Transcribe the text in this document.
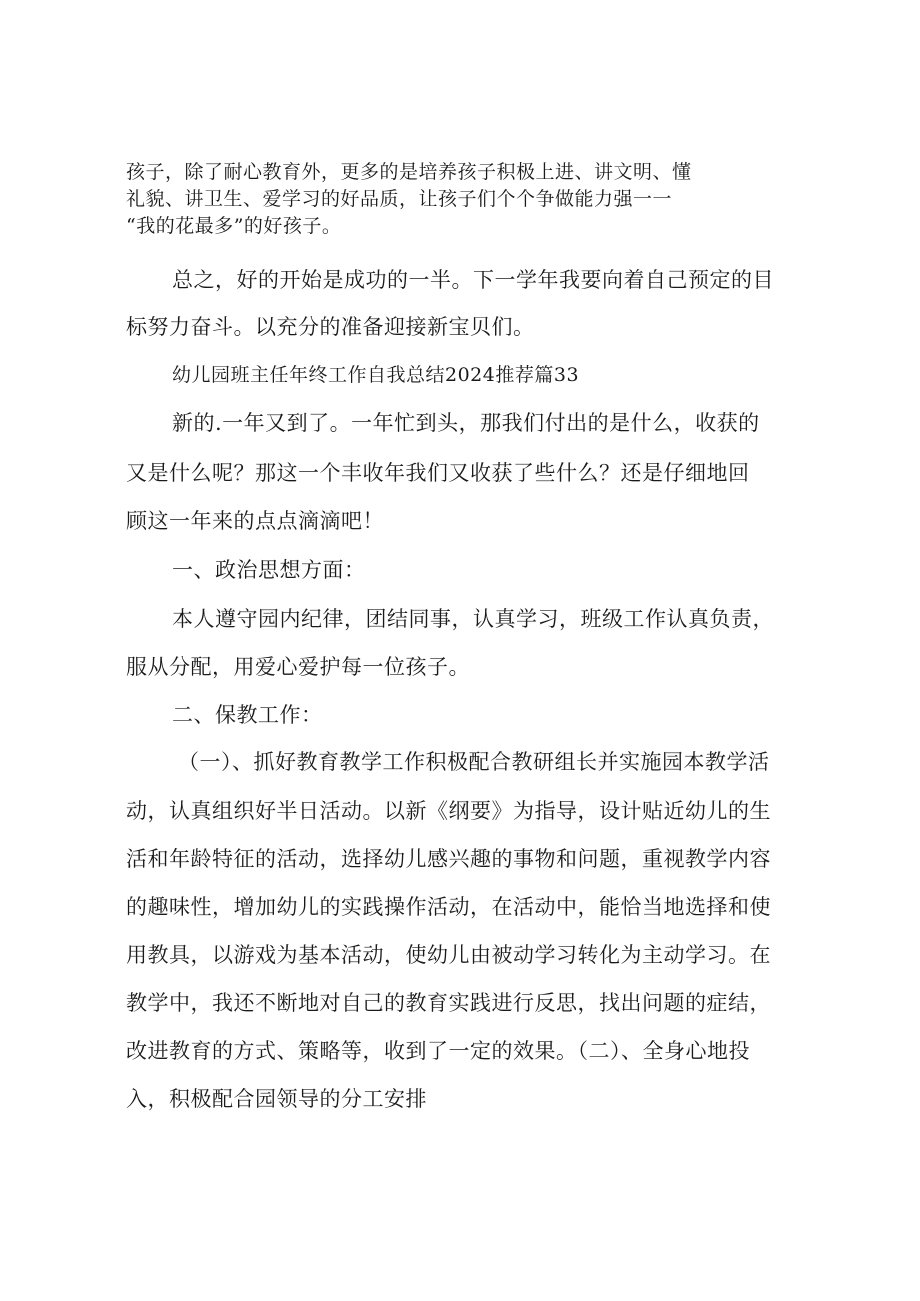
孩子，除了耐心教育外，更多的是培养孩子积极上进、讲文明、懂
礼貌、讲卫生、爱学习的好品质，让孩子们个个争做能力强一一
“我的花最多”的好孩子。
总之，好的开始是成功的一半。下一学年我要向着自己预定的目
标努力奋斗。以充分的准备迎接新宝贝们。
幼儿园班主任年终工作自我总结2024推荐篇33
新的.一年又到了。一年忙到头，那我们付出的是什么，收获的
又是什么呢？那这一个丰收年我们又收获了些什么？还是仔细地回
顾这一年来的点点滴滴吧！
一、政治思想方面：
本人遵守园内纪律，团结同事，认真学习，班级工作认真负责，
服从分配，用爱心爱护每一位孩子。
二、保教工作：
（一）、抓好教育教学工作积极配合教研组长并实施园本教学活
动，认真组织好半日活动。以新《纲要》为指导，设计贴近幼儿的生
活和年龄特征的活动，选择幼儿感兴趣的事物和问题，重视教学内容
的趣味性，增加幼儿的实践操作活动，在活动中，能恰当地选择和使
用教具，以游戏为基本活动，使幼儿由被动学习转化为主动学习。在
教学中，我还不断地对自己的教育实践进行反思，找出问题的症结，
改进教育的方式、策略等，收到了一定的效果。（二）、全身心地投
入，积极配合园领导的分工安排
